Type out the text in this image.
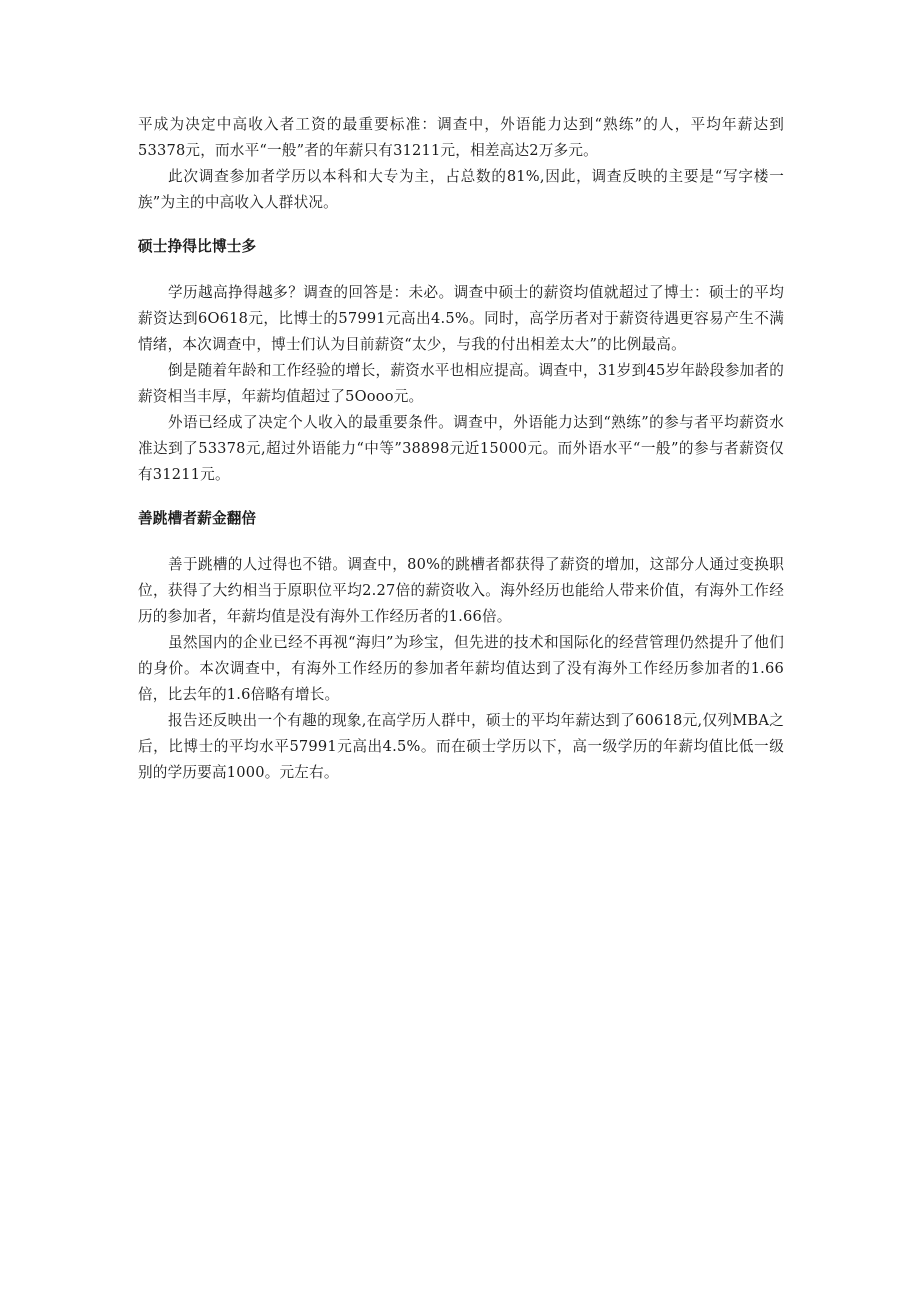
平成为决定中高收入者工资的最重要标准：调查中，外语能力达到“熟练”的人，平均年薪达到53378元，而水平“一般”者的年薪只有31211元，相差高达2万多元。

此次调查参加者学历以本科和大专为主，占总数的81%,因此，调查反映的主要是“写字楼一族”为主的中高收入人群状况。

硕士挣得比博士多

学历越高挣得越多？调查的回答是：未必。调查中硕士的薪资均值就超过了博士：硕士的平均薪资达到6O618元，比博士的57991元高出4.5%。同时，高学历者对于薪资待遇更容易产生不满情绪，本次调查中，博士们认为目前薪资“太少，与我的付出相差太大”的比例最高。

倒是随着年龄和工作经验的增长，薪资水平也相应提高。调查中，31岁到45岁年龄段参加者的薪资相当丰厚，年薪均值超过了5Oooo元。

外语已经成了决定个人收入的最重要条件。调查中，外语能力达到“熟练”的参与者平均薪资水准达到了53378元,超过外语能力“中等”38898元近15000元。而外语水平“一般”的参与者薪资仅有31211元。

善跳槽者薪金翻倍

善于跳槽的人过得也不错。调查中，80%的跳槽者都获得了薪资的增加，这部分人通过变换职位，获得了大约相当于原职位平均2.27倍的薪资收入。海外经历也能给人带来价值，有海外工作经历的参加者，年薪均值是没有海外工作经历者的1.66倍。

虽然国内的企业已经不再视“海归”为珍宝，但先进的技术和国际化的经营管理仍然提升了他们的身价。本次调查中，有海外工作经历的参加者年薪均值达到了没有海外工作经历参加者的1.66倍，比去年的1.6倍略有增长。

报告还反映出一个有趣的现象,在高学历人群中，硕士的平均年薪达到了60618元,仅列MBA之后，比博士的平均水平57991元高出4.5%。而在硕士学历以下，高一级学历的年薪均值比低一级别的学历要高1000。元左右。
